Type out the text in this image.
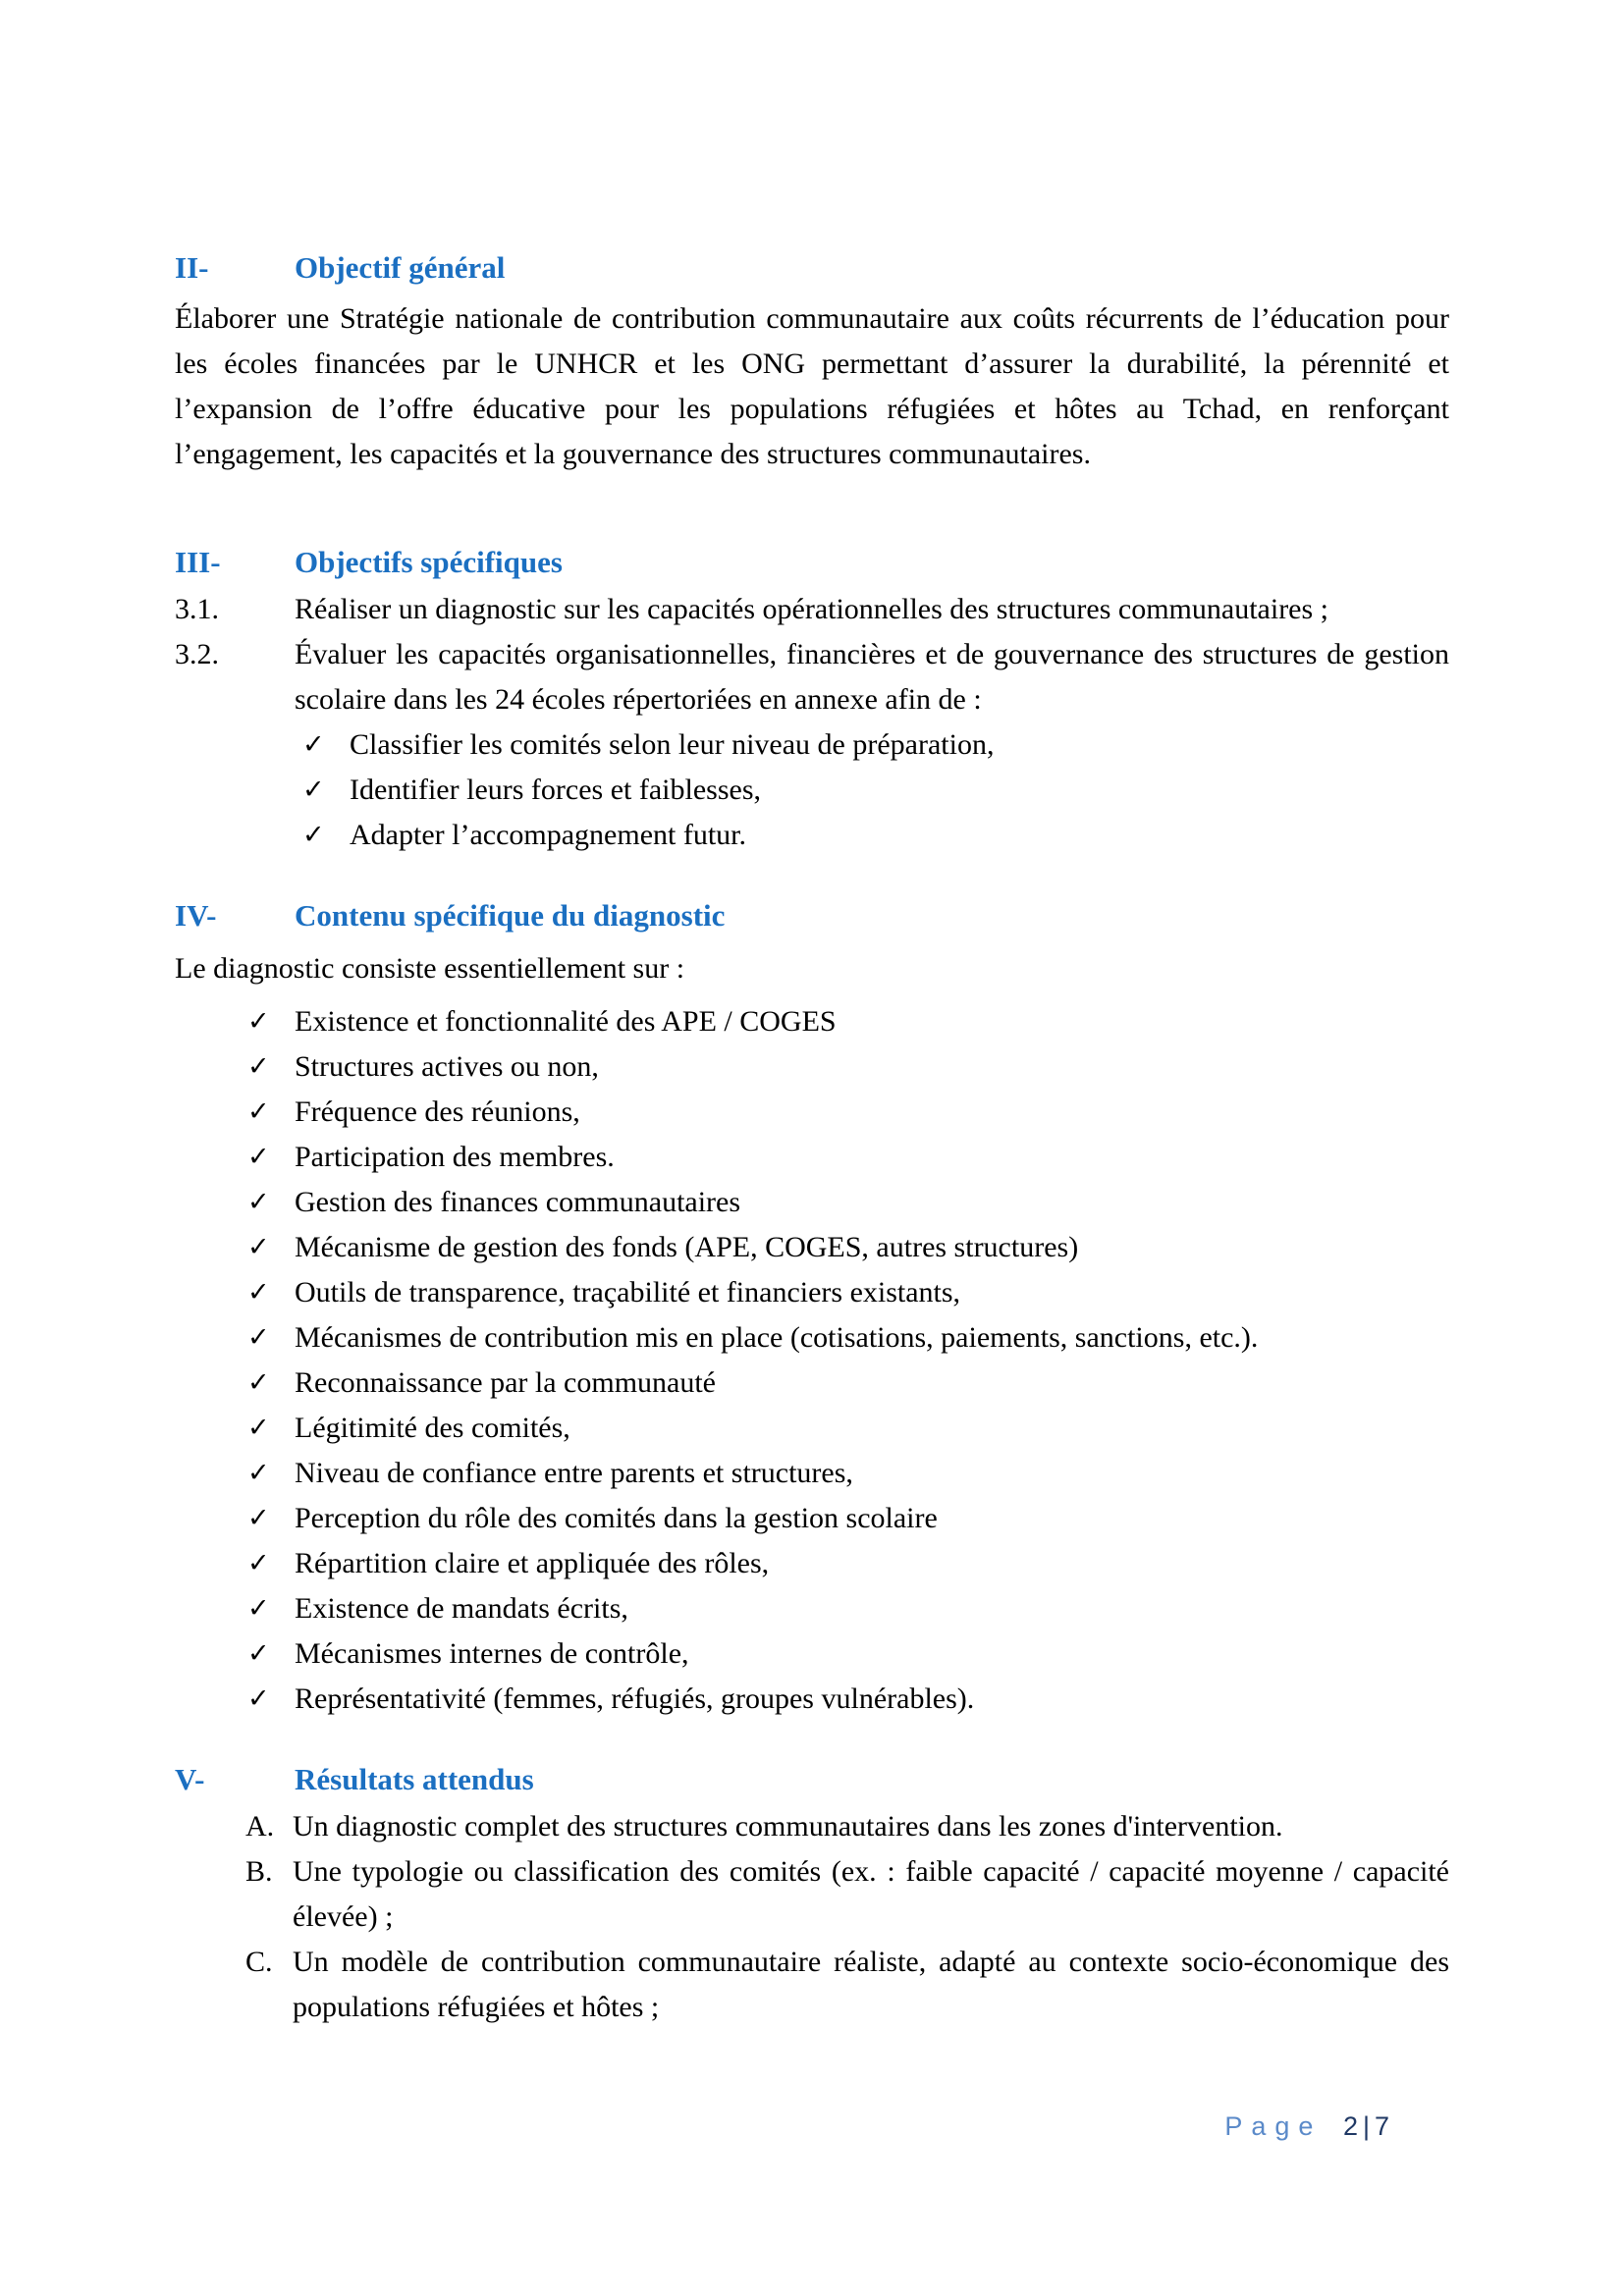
II-	Objectif général
Élaborer une Stratégie nationale de contribution communautaire aux coûts récurrents de l’éducation pour les écoles financées par le UNHCR et les ONG permettant d’assurer la durabilité, la pérennité et l’expansion de l’offre éducative pour les populations réfugiées et hôtes au Tchad, en renforçant l’engagement, les capacités et la gouvernance des structures communautaires.
III-	Objectifs spécifiques
3.1.	Réaliser un diagnostic sur les capacités opérationnelles des structures communautaires ;
3.2.	Évaluer les capacités organisationnelles, financières et de gouvernance des structures de gestion scolaire dans les 24 écoles répertoriées en annexe afin de :
✓ Classifier les comités selon leur niveau de préparation,
✓ Identifier leurs forces et faiblesses,
✓ Adapter l’accompagnement futur.
IV-	Contenu spécifique du diagnostic
Le diagnostic consiste essentiellement sur :
✓ Existence et fonctionnalité des APE / COGES
✓ Structures actives ou non,
✓ Fréquence des réunions,
✓ Participation des membres.
✓ Gestion des finances communautaires
✓ Mécanisme de gestion des fonds (APE, COGES, autres structures)
✓ Outils de transparence, traçabilité et financiers existants,
✓ Mécanismes de contribution mis en place (cotisations, paiements, sanctions, etc.).
✓ Reconnaissance par la communauté
✓ Légitimité des comités,
✓ Niveau de confiance entre parents et structures,
✓ Perception du rôle des comités dans la gestion scolaire
✓ Répartition claire et appliquée des rôles,
✓ Existence de mandats écrits,
✓ Mécanismes internes de contrôle,
✓ Représentativité (femmes, réfugiés, groupes vulnérables).
V-	Résultats attendus
A. Un diagnostic complet des structures communautaires dans les zones d'intervention.
B. Une typologie ou classification des comités (ex. : faible capacité / capacité moyenne / capacité élevée) ;
C. Un modèle de contribution communautaire réaliste, adapté au contexte socio-économique des populations réfugiées et hôtes ;
Page 2|7
